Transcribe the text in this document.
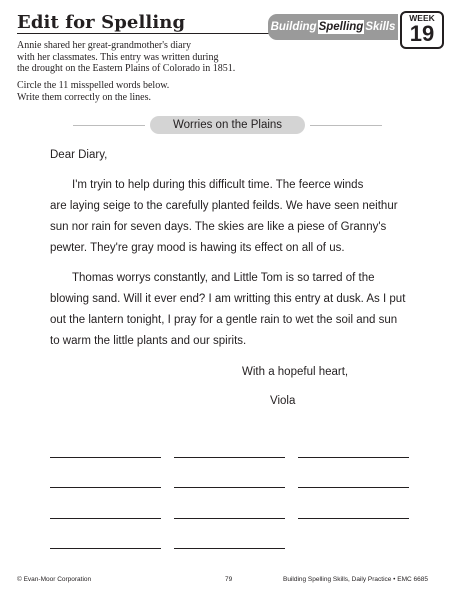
Edit for Spelling	Building Spelling Skills
WEEK
19
Annie shared her great-grandmother's diary
with her classmates. This entry was written during
the drought on the Eastern Plains of Colorado in 1851.
Circle the 11 misspelled words below.
Write them correctly on the lines.
Worries on the Plains
Dear Diary,
I'm tryin to help during this difficult time. The feerce winds
are laying seige to the carefully planted feilds. We have seen neithur
sun nor rain for seven days. The skies are like a piese of Granny's
pewter. They're gray mood is hawing its effect on all of us.
Thomas worrys constantly, and Little Tom is so tarred of the
blowing sand. Will it ever end? I am writting this entry at dusk. As I put
out the lantern tonight, I pray for a gentle rain to wet the soil and sun
to warm the little plants and our spirits.
With a hopeful heart,
Viola
© Evan-Moor Corporation	79	Building Spelling Skills, Daily Practice • EMC 6685
